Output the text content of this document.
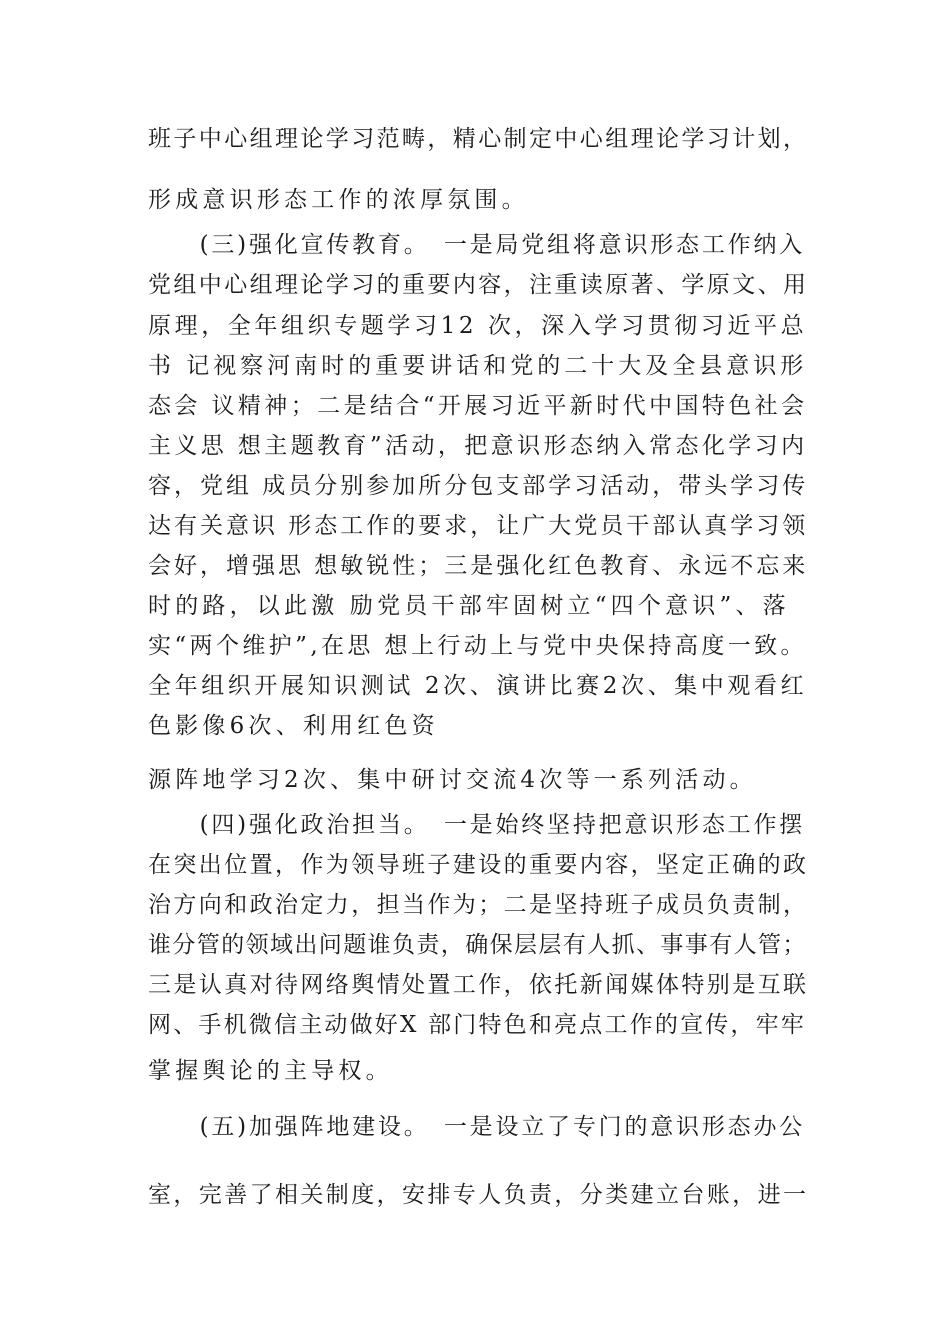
班子中心组理论学习范畴，精心制定中心组理论学习计划，
形成意识形态工作的浓厚氛围。
　　(三)强化宣传教育。　一是局党组将意识形态工作纳入
党组中心组理论学习的重要内容，注重读原著、学原文、用
原理，全年组织专题学习12 次，深入学习贯彻习近平总
书 记视察河南时的重要讲话和党的二十大及全县意识形
态会 议精神；二是结合“开展习近平新时代中国特色社会
主义思 想主题教育”活动，把意识形态纳入常态化学习内
容，党组 成员分别参加所分包支部学习活动，带头学习传
达有关意识 形态工作的要求，让广大党员干部认真学习领
会好，增强思 想敏锐性；三是强化红色教育、永远不忘来
时的路，以此激 励党员干部牢固树立“四个意识”、落
实“两个维护”,在思 想上行动上与党中央保持高度一致。
全年组织开展知识测试 2次、演讲比赛2次、集中观看红
色影像6次、利用红色资
源阵地学习2次、集中研讨交流4次等一系列活动。
　　(四)强化政治担当。　一是始终坚持把意识形态工作摆
在突出位置，作为领导班子建设的重要内容，坚定正确的政
治方向和政治定力，担当作为；二是坚持班子成员负责制，
谁分管的领域出问题谁负责，确保层层有人抓、事事有人管；
三是认真对待网络舆情处置工作，依托新闻媒体特别是互联
网、手机微信主动做好X 部门特色和亮点工作的宣传，牢牢
掌握舆论的主导权。
　　(五)加强阵地建设。　一是设立了专门的意识形态办公
室，完善了相关制度，安排专人负责，分类建立台账，进一
